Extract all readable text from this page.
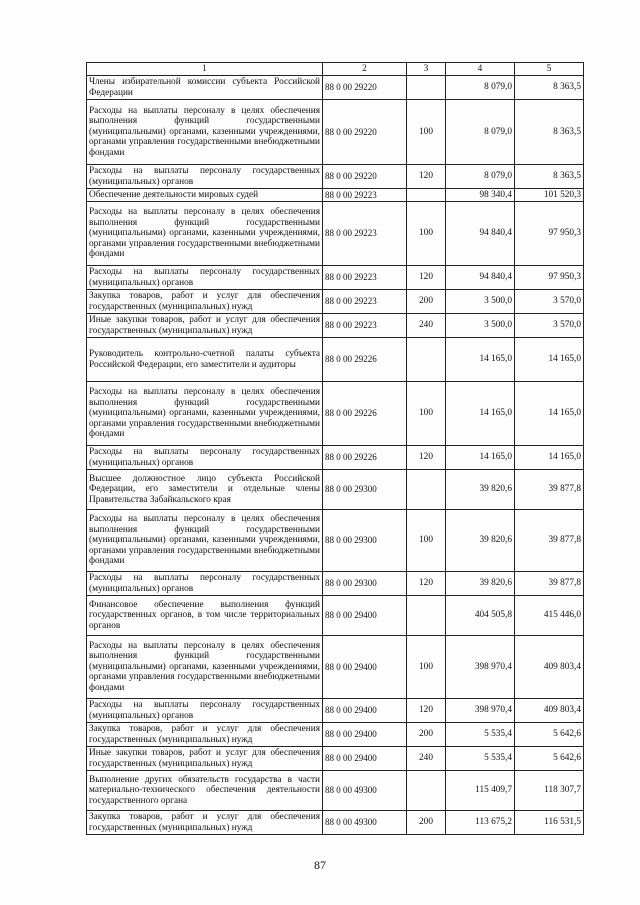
1	2	3	4	5
Члены избирательной комиссии субъекта Российской Федерации	88 0 00 29220		8 079,0	8 363,5
Расходы на выплаты персоналу в целях обеспечения выполнения функций государственными (муниципальными) органами, казенными учреждениями, органами управления государственными внебюджетными фондами	88 0 00 29220	100	8 079,0	8 363,5
Расходы на выплаты персоналу государственных (муниципальных) органов	88 0 00 29220	120	8 079,0	8 363,5
Обеспечение деятельности мировых судей	88 0 00 29223		98 340,4	101 520,3
Расходы на выплаты персоналу в целях обеспечения выполнения функций государственными (муниципальными) органами, казенными учреждениями, органами управления государственными внебюджетными фондами	88 0 00 29223	100	94 840,4	97 950,3
Расходы на выплаты персоналу государственных (муниципальных) органов	88 0 00 29223	120	94 840,4	97 950,3
Закупка товаров, работ и услуг для обеспечения государственных (муниципальных) нужд	88 0 00 29223	200	3 500,0	3 570,0
Иные закупки товаров, работ и услуг для обеспечения государственных (муниципальных) нужд	88 0 00 29223	240	3 500,0	3 570,0
Руководитель контрольно-счетной палаты субъекта Российской Федерации, его заместители и аудиторы	88 0 00 29226		14 165,0	14 165,0
Расходы на выплаты персоналу в целях обеспечения выполнения функций государственными (муниципальными) органами, казенными учреждениями, органами управления государственными внебюджетными фондами	88 0 00 29226	100	14 165,0	14 165,0
Расходы на выплаты персоналу государственных (муниципальных) органов	88 0 00 29226	120	14 165,0	14 165,0
Высшее должностное лицо субъекта Российской Федерации, его заместители и отдельные члены Правительства Забайкальского края	88 0 00 29300		39 820,6	39 877,8
Расходы на выплаты персоналу в целях обеспечения выполнения функций государственными (муниципальными) органами, казенными учреждениями, органами управления государственными внебюджетными фондами	88 0 00 29300	100	39 820,6	39 877,8
Расходы на выплаты персоналу государственных (муниципальных) органов	88 0 00 29300	120	39 820,6	39 877,8
Финансовое обеспечение выполнения функций государственных органов, в том числе территориальных органов	88 0 00 29400		404 505,8	415 446,0
Расходы на выплаты персоналу в целях обеспечения выполнения функций государственными (муниципальными) органами, казенными учреждениями, органами управления государственными внебюджетными фондами	88 0 00 29400	100	398 970,4	409 803,4
Расходы на выплаты персоналу государственных (муниципальных) органов	88 0 00 29400	120	398 970,4	409 803,4
Закупка товаров, работ и услуг для обеспечения государственных (муниципальных) нужд	88 0 00 29400	200	5 535,4	5 642,6
Иные закупки товаров, работ и услуг для обеспечения государственных (муниципальных) нужд	88 0 00 29400	240	5 535,4	5 642,6
Выполнение других обязательств государства в части материально-технического обеспечения деятельности государственного органа	88 0 00 49300		115 409,7	118 307,7
Закупка товаров, работ и услуг для обеспечения государственных (муниципальных) нужд	88 0 00 49300	200	113 675,2	116 531,5
87
